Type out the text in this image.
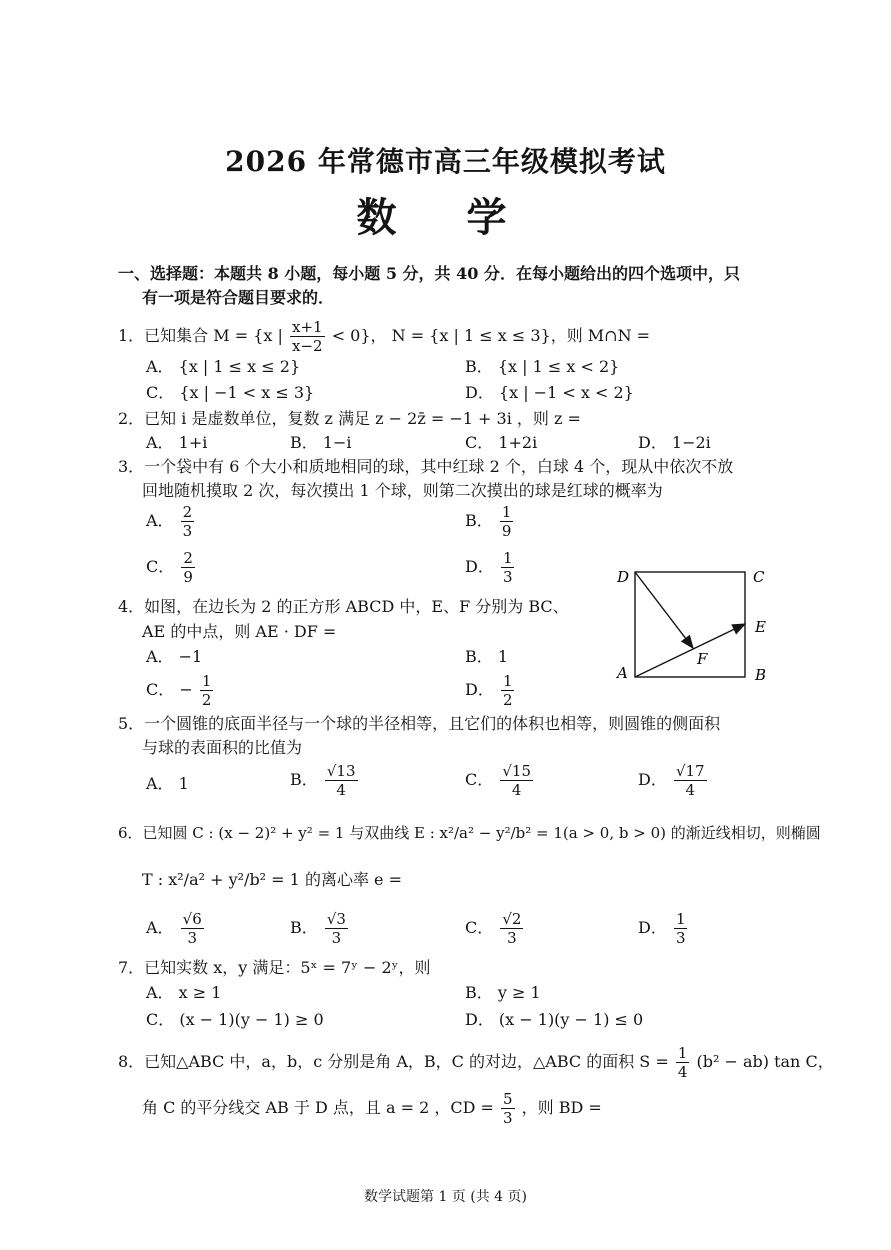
2026 年常德市高三年级模拟考试
数 学
一、选择题：本题共 8 小题，每小题 5 分，共 40 分．在每小题给出的四个选项中，只
有一项是符合题目要求的．
1．已知集合 M = {x | $\frac{x+1}{x-2} < 0$}， N = {x | 1 ≤ x ≤ 3}，则 M∩N =
A． {x | 1 ≤ x ≤ 2}	B． {x | 1 ≤ x < 2}
C． {x | −1 < x ≤ 3}	D． {x | −1 < x < 2}
2．已知 i 是虚数单位，复数 z 满足 z − 2z̄ = −1 + 3i ，则 z =
A． 1+i	B． 1−i	C． 1+2i	D． 1−2i
3．一个袋中有 6 个大小和质地相同的球，其中红球 2 个，白球 4 个，现从中依次不放
回地随机摸取 2 次，每次摸出 1 个球，则第二次摸出的球是红球的概率为
A． $\frac{2}{3}$	B． $\frac{1}{9}$
C． $\frac{2}{9}$	D． $\frac{1}{3}$
4．如图，在边长为 2 的正方形 ABCD 中，E、F 分别为 BC、
AE 的中点，则 AE · DF =
A． −1	B． 1
C． − $\frac{1}{2}$	D． $\frac{1}{2}$
D	C
E
F
A	B
5．一个圆锥的底面半径与一个球的半径相等，且它们的体积也相等，则圆锥的侧面积
与球的表面积的比值为
A． 1	B． $\frac{√13}{4}$	C． $\frac{√15}{4}$	D． $\frac{√17}{4}$
6．已知圆 C : (x − 2)² + y² = 1 与双曲线 E : x²/a² − y²/b² = 1(a > 0, b > 0) 的渐近线相切，则椭圆
T : x²/a² + y²/b² = 1 的离心率 e =
A． $\frac{√6}{3}$	B． $\frac{√3}{3}$	C． $\frac{√2}{3}$	D． $\frac{1}{3}$
7．已知实数 x，y 满足：5ˣ = 7ʸ − 2ʸ，则
A． x ≥ 1	B． y ≥ 1
C． (x − 1)(y − 1) ≥ 0	D． (x − 1)(y − 1) ≤ 0
8．已知△ABC 中，a，b，c 分别是角 A，B，C 的对边，△ABC 的面积 $S = \frac{1}{4} (b^2 - ab)$ tan C，
角 C 的平分线交 AB 于 D 点，且 a = 2 ，CD = $\frac{5}{3}$ ，则 BD =
数学试题第 1 页 (共 4 页)
